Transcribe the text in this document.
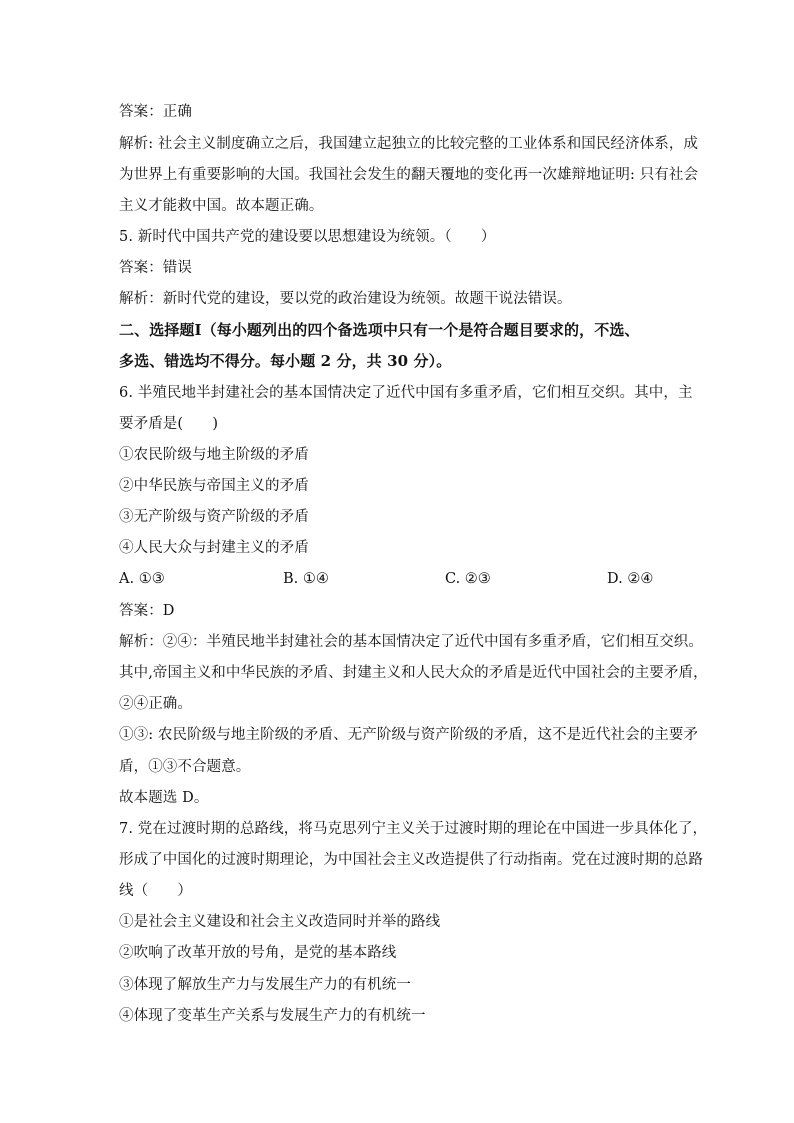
答案：正确
解析: 社会主义制度确立之后，我国建立起独立的比较完整的工业体系和国民经济体系，成
为世界上有重要影响的大国。我国社会发生的翻天覆地的变化再一次雄辩地证明: 只有社会
主义才能救中国。故本题正确。
5. 新时代中国共产党的建设要以思想建设为统领。（　　）
答案：错误
解析：新时代党的建设，要以党的政治建设为统领。故题干说法错误。
二、选择题Ⅰ（每小题列出的四个备选项中只有一个是符合题目要求的，不选、
多选、错选均不得分。每小题 2 分，共 30 分）。
6. 半殖民地半封建社会的基本国情决定了近代中国有多重矛盾，它们相互交织。其中，主
要矛盾是(　　)
①农民阶级与地主阶级的矛盾
②中华民族与帝国主义的矛盾
③无产阶级与资产阶级的矛盾
④人民大众与封建主义的矛盾
A. ①③	B. ①④	C. ②③	D. ②④
答案：D
解析：②④：半殖民地半封建社会的基本国情决定了近代中国有多重矛盾，它们相互交织。
其中,帝国主义和中华民族的矛盾、封建主义和人民大众的矛盾是近代中国社会的主要矛盾，
②④正确。
①③: 农民阶级与地主阶级的矛盾、无产阶级与资产阶级的矛盾，这不是近代社会的主要矛
盾，①③不合题意。
故本题选 D。
7. 党在过渡时期的总路线，将马克思列宁主义关于过渡时期的理论在中国进一步具体化了，
形成了中国化的过渡时期理论，为中国社会主义改造提供了行动指南。党在过渡时期的总路
线（　　）
①是社会主义建设和社会主义改造同时并举的路线
②吹响了改革开放的号角，是党的基本路线
③体现了解放生产力与发展生产力的有机统一
④体现了变革生产关系与发展生产力的有机统一
